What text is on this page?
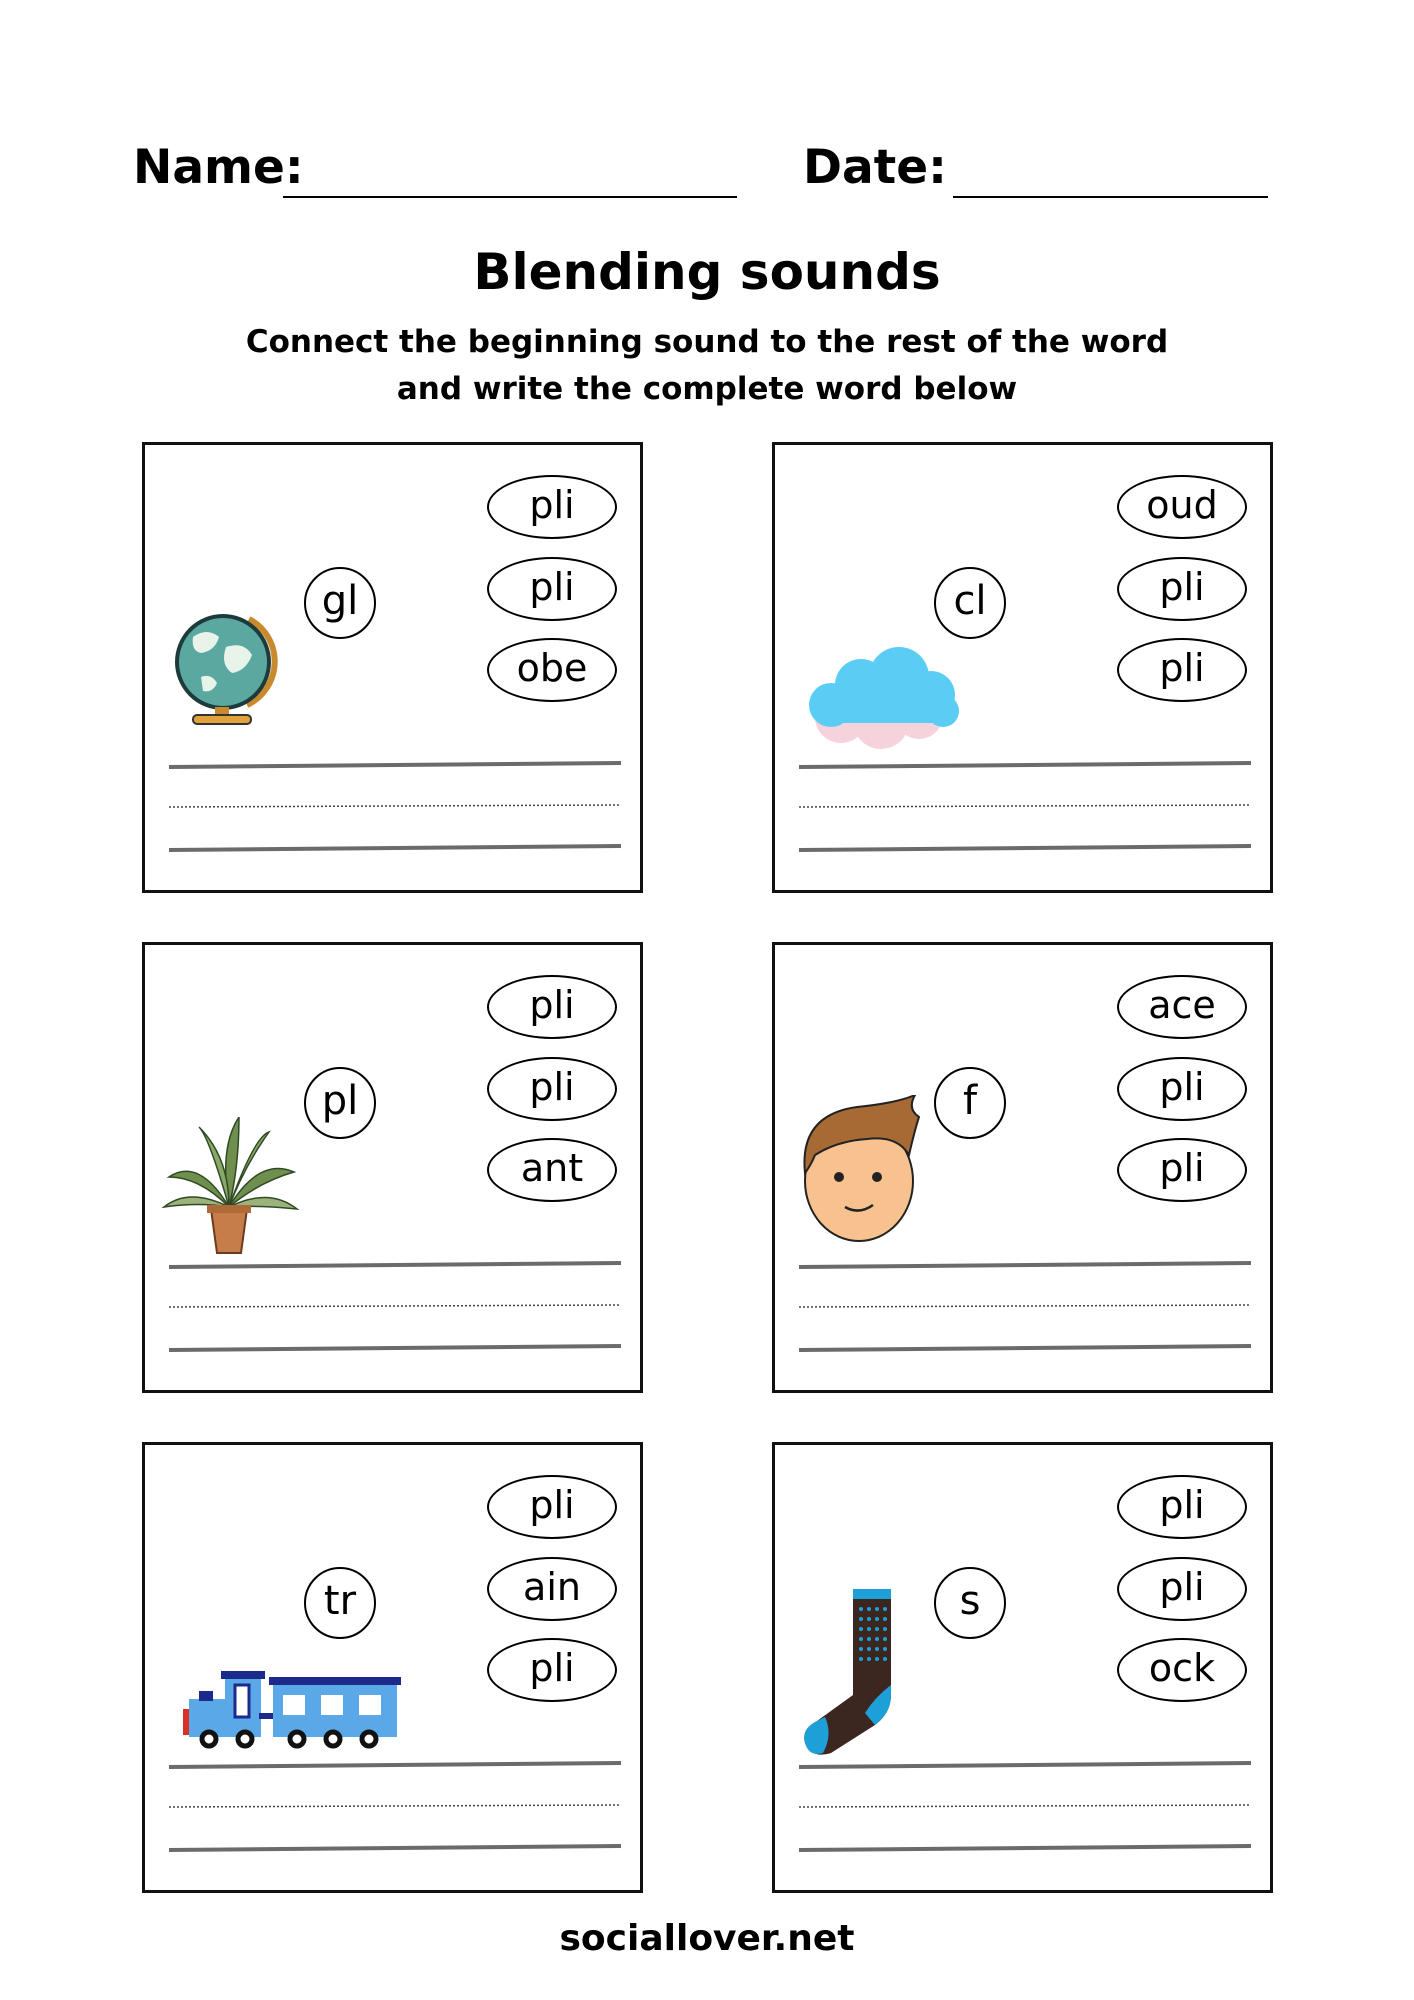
Name:	Date:
Blending sounds
Connect the beginning sound to the rest of the word
and write the complete word below
gl
pli
pli
obe
cl
oud
pli
pli
pl
pli
pli
ant
f
ace
pli
pli
tr
pli
ain
pli
s
pli
pli
ock
sociallover.net
